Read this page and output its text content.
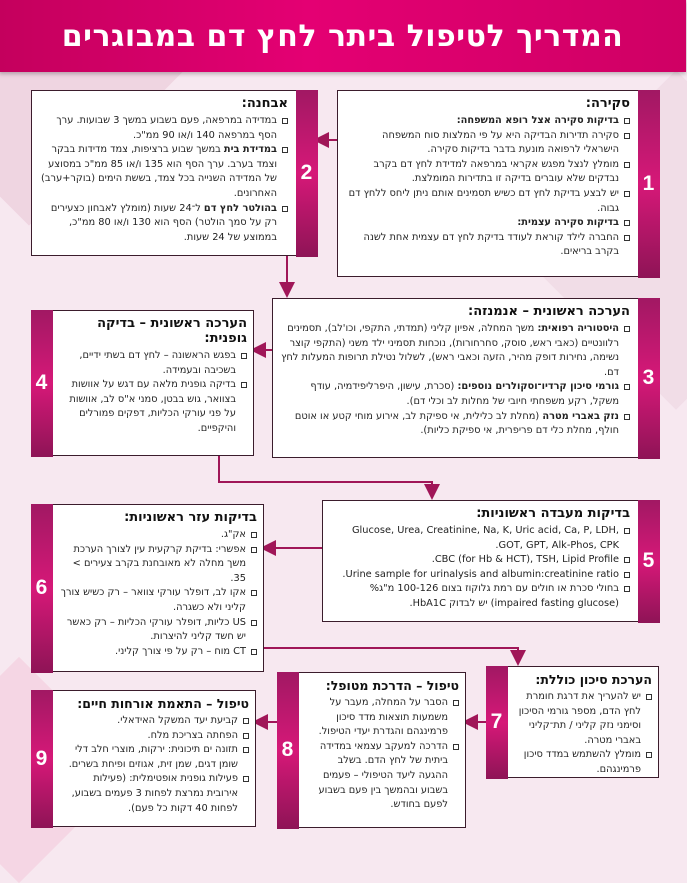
המדריך לטיפול ביתר לחץ דם במבוגרים
1
סקירה:
בדיקות סקירה אצל רופא המשפחה:
סקירה תדירות הבדיקה היא על פי המלצות סוח המשפחה הישראלי לרפואה מונעת בדבר בדיקות סקירה.
מומלץ לנצל מפגש אקראי במרפאה למדידת לחץ דם בקרב נבדקים שלא עוברים בדיקה זו בתדירות המומלצת.
יש לבצע בדיקת לחץ דם כשיש תסמינים אותם ניתן ליחס ללחץ דם גבוה.
בדיקות סקירה עצמית:
החברה לילד קוראת לעודד בדיקת לחץ דם עצמית אחת לשנה בקרב בריאים.
2
אבחנה:
במדידה במרפאה, פעם בשבוע במשך 3 שבועות. ערך הסף במרפאה 140 ו/או 90 ממ"כ.
במדידת בית במשך שבוע ברציפות, צמד מדידות בבקר וצמד בערב. ערך הסף הוא 135 ו/או 85 ממ"כ במסוצע של המדידה השנייה בכל צמד, בששת הימים (בוקר+ערב) האחרונים.
בהולטר לחץ דם ל־24 שעות (מומלץ לאבחון כצעירים רק על סמך הולטר) הסף הוא 130 ו/או 80 ממ"כ, בממוצע של 24 שעות.
3
הערכה ראשונית – אנמנזה:
היסטוריה רפואית: משך המחלה, אפיון קליני (תמדתי, התקפי, וכו'לב), תסמינים רלוונטיים (כאבי ראש, סוסק, סחרחורות), נוכחות תסמיני ילד משני (התקפי קוצר נשימה, נחירות דופק מהיר, הזעה וכאבי ראש), לשלול נטילת תרופות המעלות לחץ דם.
גורמי סיכון קרדיו־וסקולרים נוספים: (סכרת, עישון, היפרליפידמיה, עודף משקל, רקע משפחתי חיובי של מחלות לב וכלי דם).
נזק באברי מטרה (מחלת לב כלילית, אי ספיקת לב, אירוע מוחי קטע או אוטם חולף, מחלת כלי דם פריפרית, אי ספיקת כליות).
4
הערכה ראשונית – בדיקה גופנית:
בפגש הראשונה – לחץ דם בשתי ידיים, בשכיבה ובעמידה.
בדיקה גופנית מלאה עם דגש על אוושות בצוואר, גוש בבטן, סמני א"ס לב, אוושות על פני עורקי הכליות, דפקים פמורלים והיקפיים.
5
בדיקות מעבדה ראשוניות:
Glucose, Urea, Creatinine, Na, K, Uric acid, Ca, P, LDH, GOT, GPT, Alk-Phos, CPK.
CBC (for Hb & HCT), TSH, Lipid Profile.
Urine sample for urinalysis and albumin:creatinine ratio.
בחולי סכרת או חולים עם רמת גלוקוז בצום 100-126 מ"ג% (impaired fasting glucose) יש לבדוק HbA1C.
6
בדיקות עזר ראשוניות:
אק"ג.
אפשרי: בדיקת קרקעית עין לצורך הערכת משך מחלה לא מאובחנת בקרב צעירים > 35.
אקו לב, דופלר עורקי צוואר – רק כשיש צורך קליני ולא כשגרה.
US כליות, דופלר עורקי הכליות – רק כאשר יש חשד קליני להיצרות.
CT מוח – רק על פי צורך קליני.
7
הערכת סיכון כוללת:
יש להעריך את דרגת חומרת לחץ הדם, מספר גורמי הסיכון וסימני נזק קליני / תת־קליני באברי מטרה.
מומלץ להשתמש במדד סיכון פרמינגהם.
8
טיפול – הדרכת מטופל:
הסבר על המחלה, מעבר על משמעות תוצאות מדד סיכון פרמינגהם והגדרת יעדי הטיפול.
הדרכה למעקב עצמאי במדידה ביתית של לחץ הדם. בשלב ההגעה ליעד הטיפולי – פעמים בשבוע ובהמשך בין פעם בשבוע לפעם בחודש.
9
טיפול – התאמת אורחות חיים:
קביעת יעד המשקל האידאלי.
הפחתה בצריכת מלח.
תזונה ים תיכונית: ירקות, מוצרי חלב דלי שומן דגים, שמן זית, אגוזים ופיחת בשרים.
פעילות גופנית אופטימלית: (פעילות אירובית נמרצת לפחות 3 פעמים בשבוע, לפחות 40 דקות כל פעם).
